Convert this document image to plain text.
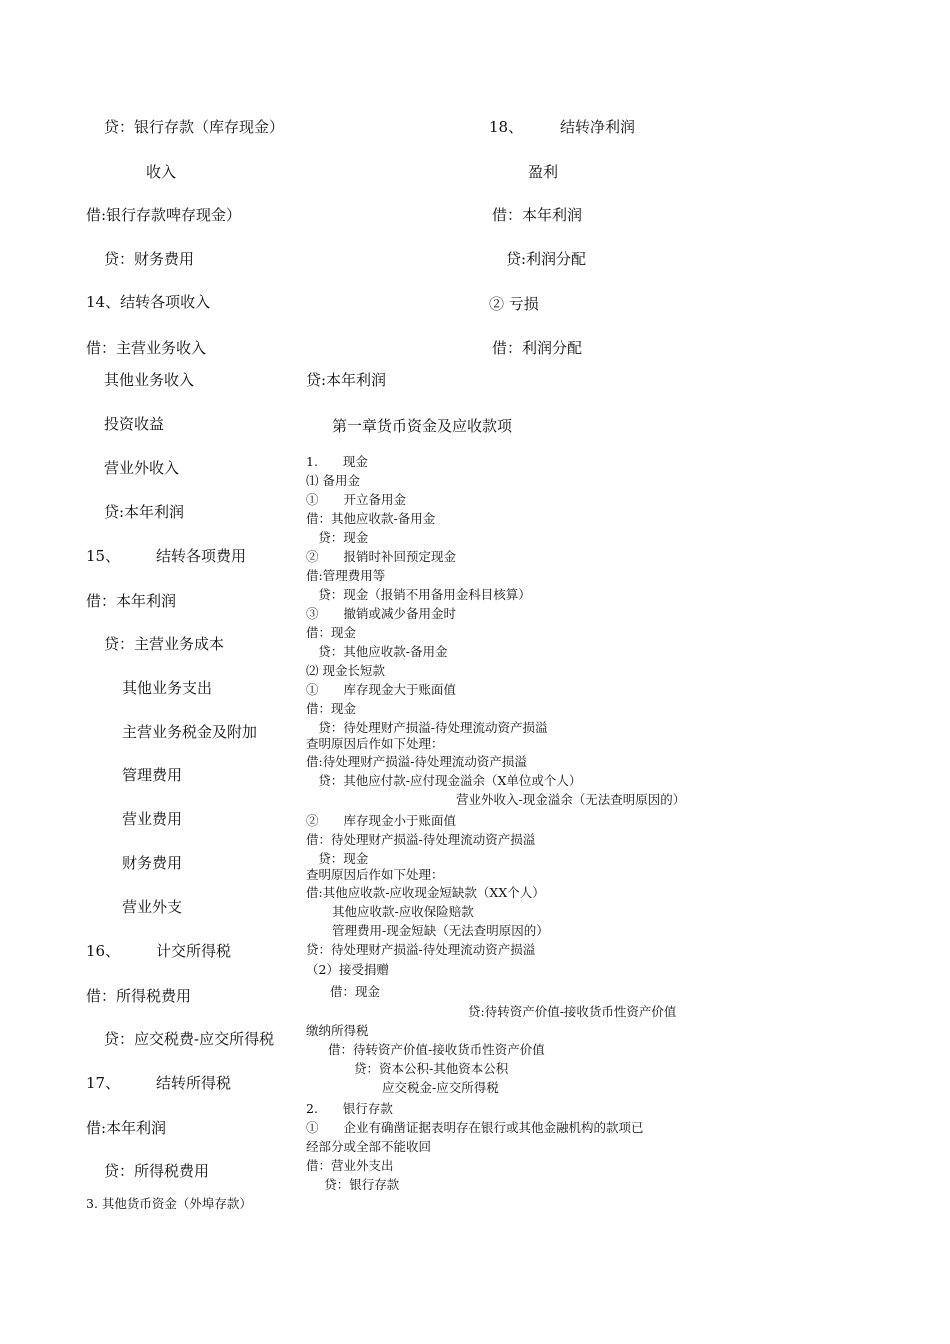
贷：银行存款（库存现金）
收入
借:银行存款啤存现金）
贷：财务费用
14、结转各项收入
借：主营业务收入
其他业务收入
投资收益
营业外收入
贷:本年利润
15、 结转各项费用
借：本年利润
贷：主营业务成本
其他业务支出
主营业务税金及附加
管理费用
营业费用
财务费用
营业外支
16、 计交所得税
借：所得税费用
贷：应交税费-应交所得税
17、 结转所得税
借:本年利润
贷：所得税费用
3. 其他货币资金（外埠存款）
18、 结转净利润
盈利
借：本年利润
贷:利润分配
② 亏损
借：利润分配
贷:本年利润
第一章货币资金及应收款项
1.  现金
⑴ 备用金
①  开立备用金
借：其他应收款-备用金
 贷：现金
②  报销时补回预定现金
借:管理费用等
 贷：现金（报销不用备用金科目核算）
③  撤销或减少备用金时
借：现金
 贷：其他应收款-备用金
⑵ 现金长短款
①  库存现金大于账面值
借：现金
 贷：待处理财产损溢-待处理流动资产损溢
查明原因后作如下处理：
借:待处理财产损溢-待处理流动资产损溢
 贷：其他应付款-应付现金溢余（X单位或个人）
营业外收入-现金溢余（无法查明原因的）
②  库存现金小于账面值
借：待处理财产损溢-待处理流动资产损溢
 贷：现金
查明原因后作如下处理：
借:其他应收款-应收现金短缺款（XX个人）
其他应收款-应收保险赔款
管理费用-现金短缺（无法查明原因的）
贷：待处理财产损溢-待处理流动资产损溢
（2）接受捐赠
借：现金
贷:待转资产价值-接收货币性资产价值
缴纳所得税
借：待转资产价值-接收货币性资产价值
贷：资本公积-其他资本公积
应交税金-应交所得税
2.  银行存款
①  企业有确凿证据表明存在银行或其他金融机构的款项已
经部分或全部不能收回
借：营业外支出
 贷：银行存款
